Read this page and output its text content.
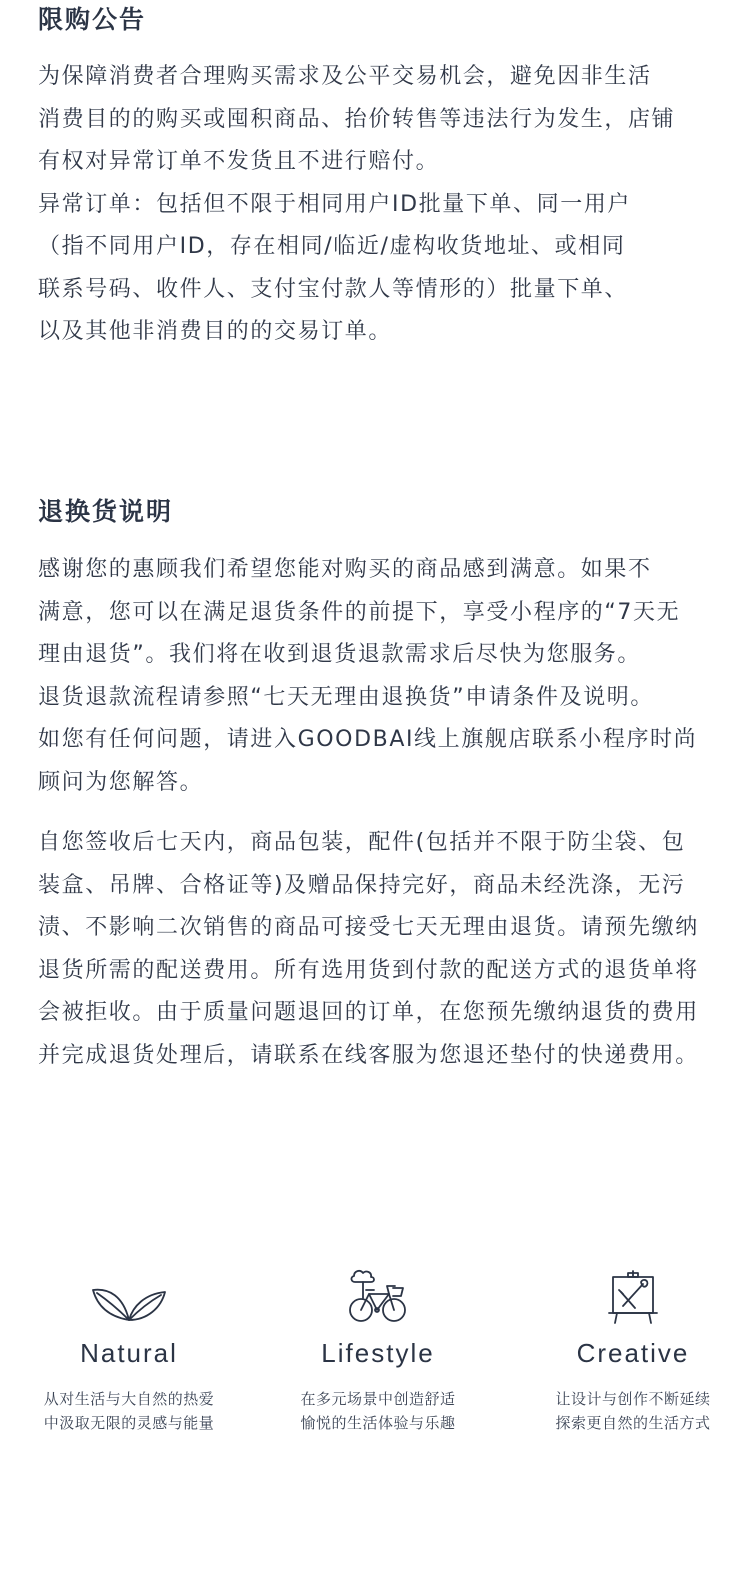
限购公告
为保障消费者合理购买需求及公平交易机会，避免因非生活
消费目的的购买或囤积商品、抬价转售等违法行为发生，店铺
有权对异常订单不发货且不进行赔付。
异常订单：包括但不限于相同用户ID批量下单、同一用户
（指不同用户ID，存在相同/临近/虚构收货地址、或相同
联系号码、收件人、支付宝付款人等情形的）批量下单、
以及其他非消费目的的交易订单。
退换货说明
感谢您的惠顾我们希望您能对购买的商品感到满意。如果不
满意，您可以在满足退货条件的前提下，享受小程序的“7天无
理由退货”。我们将在收到退货退款需求后尽快为您服务。
退货退款流程请参照“七天无理由退换货”申请条件及说明。
如您有任何问题，请进入GOODBAI线上旗舰店联系小程序时尚
顾问为您解答。
自您签收后七天内，商品包装，配件(包括并不限于防尘袋、包
装盒、吊牌、合格证等)及赠品保持完好，商品未经洗涤，无污
渍、不影响二次销售的商品可接受七天无理由退货。请预先缴纳
退货所需的配送费用。所有选用货到付款的配送方式的退货单将
会被拒收。由于质量问题退回的订单，在您预先缴纳退货的费用
并完成退货处理后，请联系在线客服为您退还垫付的快递费用。
Natural
从对生活与大自然的热爱
中汲取无限的灵感与能量
Lifestyle
在多元场景中创造舒适
愉悦的生活体验与乐趣
Creative
让设计与创作不断延续
探索更自然的生活方式
